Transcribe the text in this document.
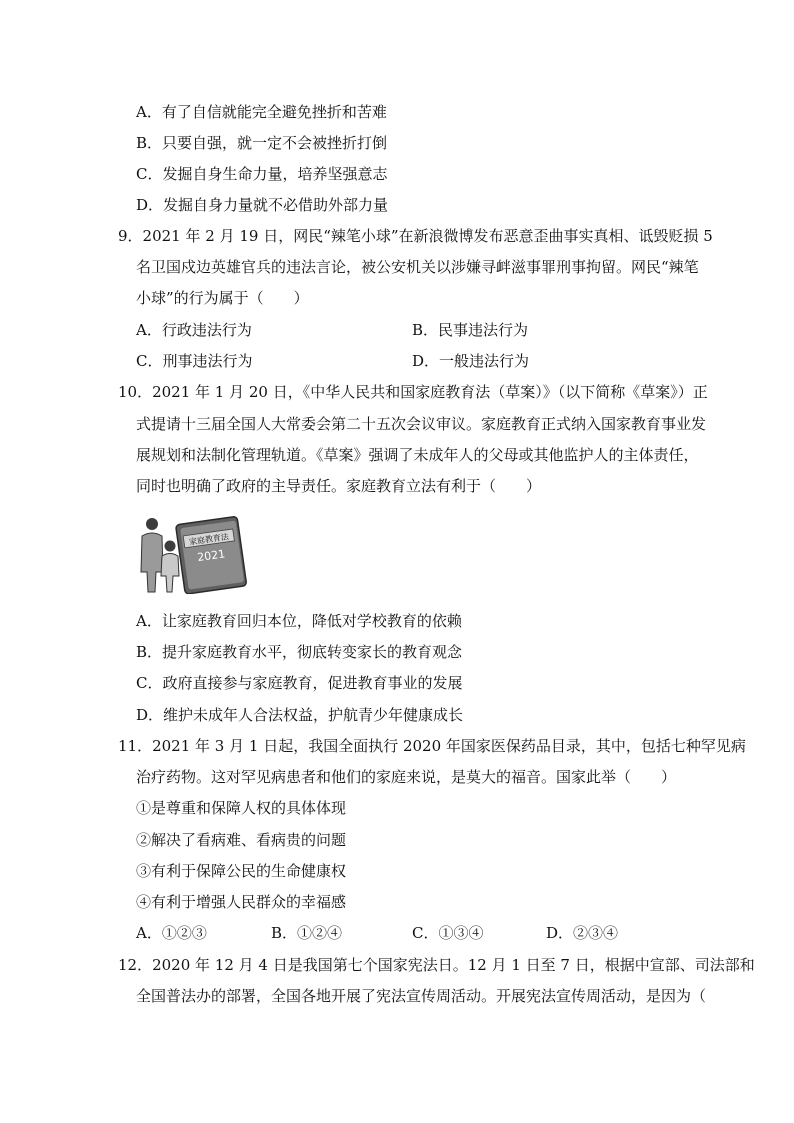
A．有了自信就能完全避免挫折和苦难
B．只要自强，就一定不会被挫折打倒
C．发掘自身生命力量，培养坚强意志
D．发掘自身力量就不必借助外部力量
9．2021 年 2 月 19 日，网民“辣笔小球”在新浪微博发布恶意歪曲事实真相、诋毁贬损 5
名卫国戍边英雄官兵的违法言论，被公安机关以涉嫌寻衅滋事罪刑事拘留。网民“辣笔
小球”的行为属于（　　）
A．行政违法行为	B．民事违法行为
C．刑事违法行为	D．一般违法行为
10．2021 年 1 月 20 日，《中华人民共和国家庭教育法（草案）》（以下简称《草案》）正
式提请十三届全国人大常委会第二十五次会议审议。家庭教育正式纳入国家教育事业发
展规划和法制化管理轨道。《草案》强调了未成年人的父母或其他监护人的主体责任，
同时也明确了政府的主导责任。家庭教育立法有利于（　　）
家庭教育法
2021
A．让家庭教育回归本位，降低对学校教育的依赖
B．提升家庭教育水平，彻底转变家长的教育观念
C．政府直接参与家庭教育，促进教育事业的发展
D．维护未成年人合法权益，护航青少年健康成长
11．2021 年 3 月 1 日起，我国全面执行 2020 年国家医保药品目录，其中，包括七种罕见病
治疗药物。这对罕见病患者和他们的家庭来说，是莫大的福音。国家此举（　　）
①是尊重和保障人权的具体体现
②解决了看病难、看病贵的问题
③有利于保障公民的生命健康权
④有利于增强人民群众的幸福感
A．①②③	B．①②④	C．①③④	D．②③④
12．2020 年 12 月 4 日是我国第七个国家宪法日。12 月 1 日至 7 日，根据中宣部、司法部和
全国普法办的部署，全国各地开展了宪法宣传周活动。开展宪法宣传周活动，是因为（
